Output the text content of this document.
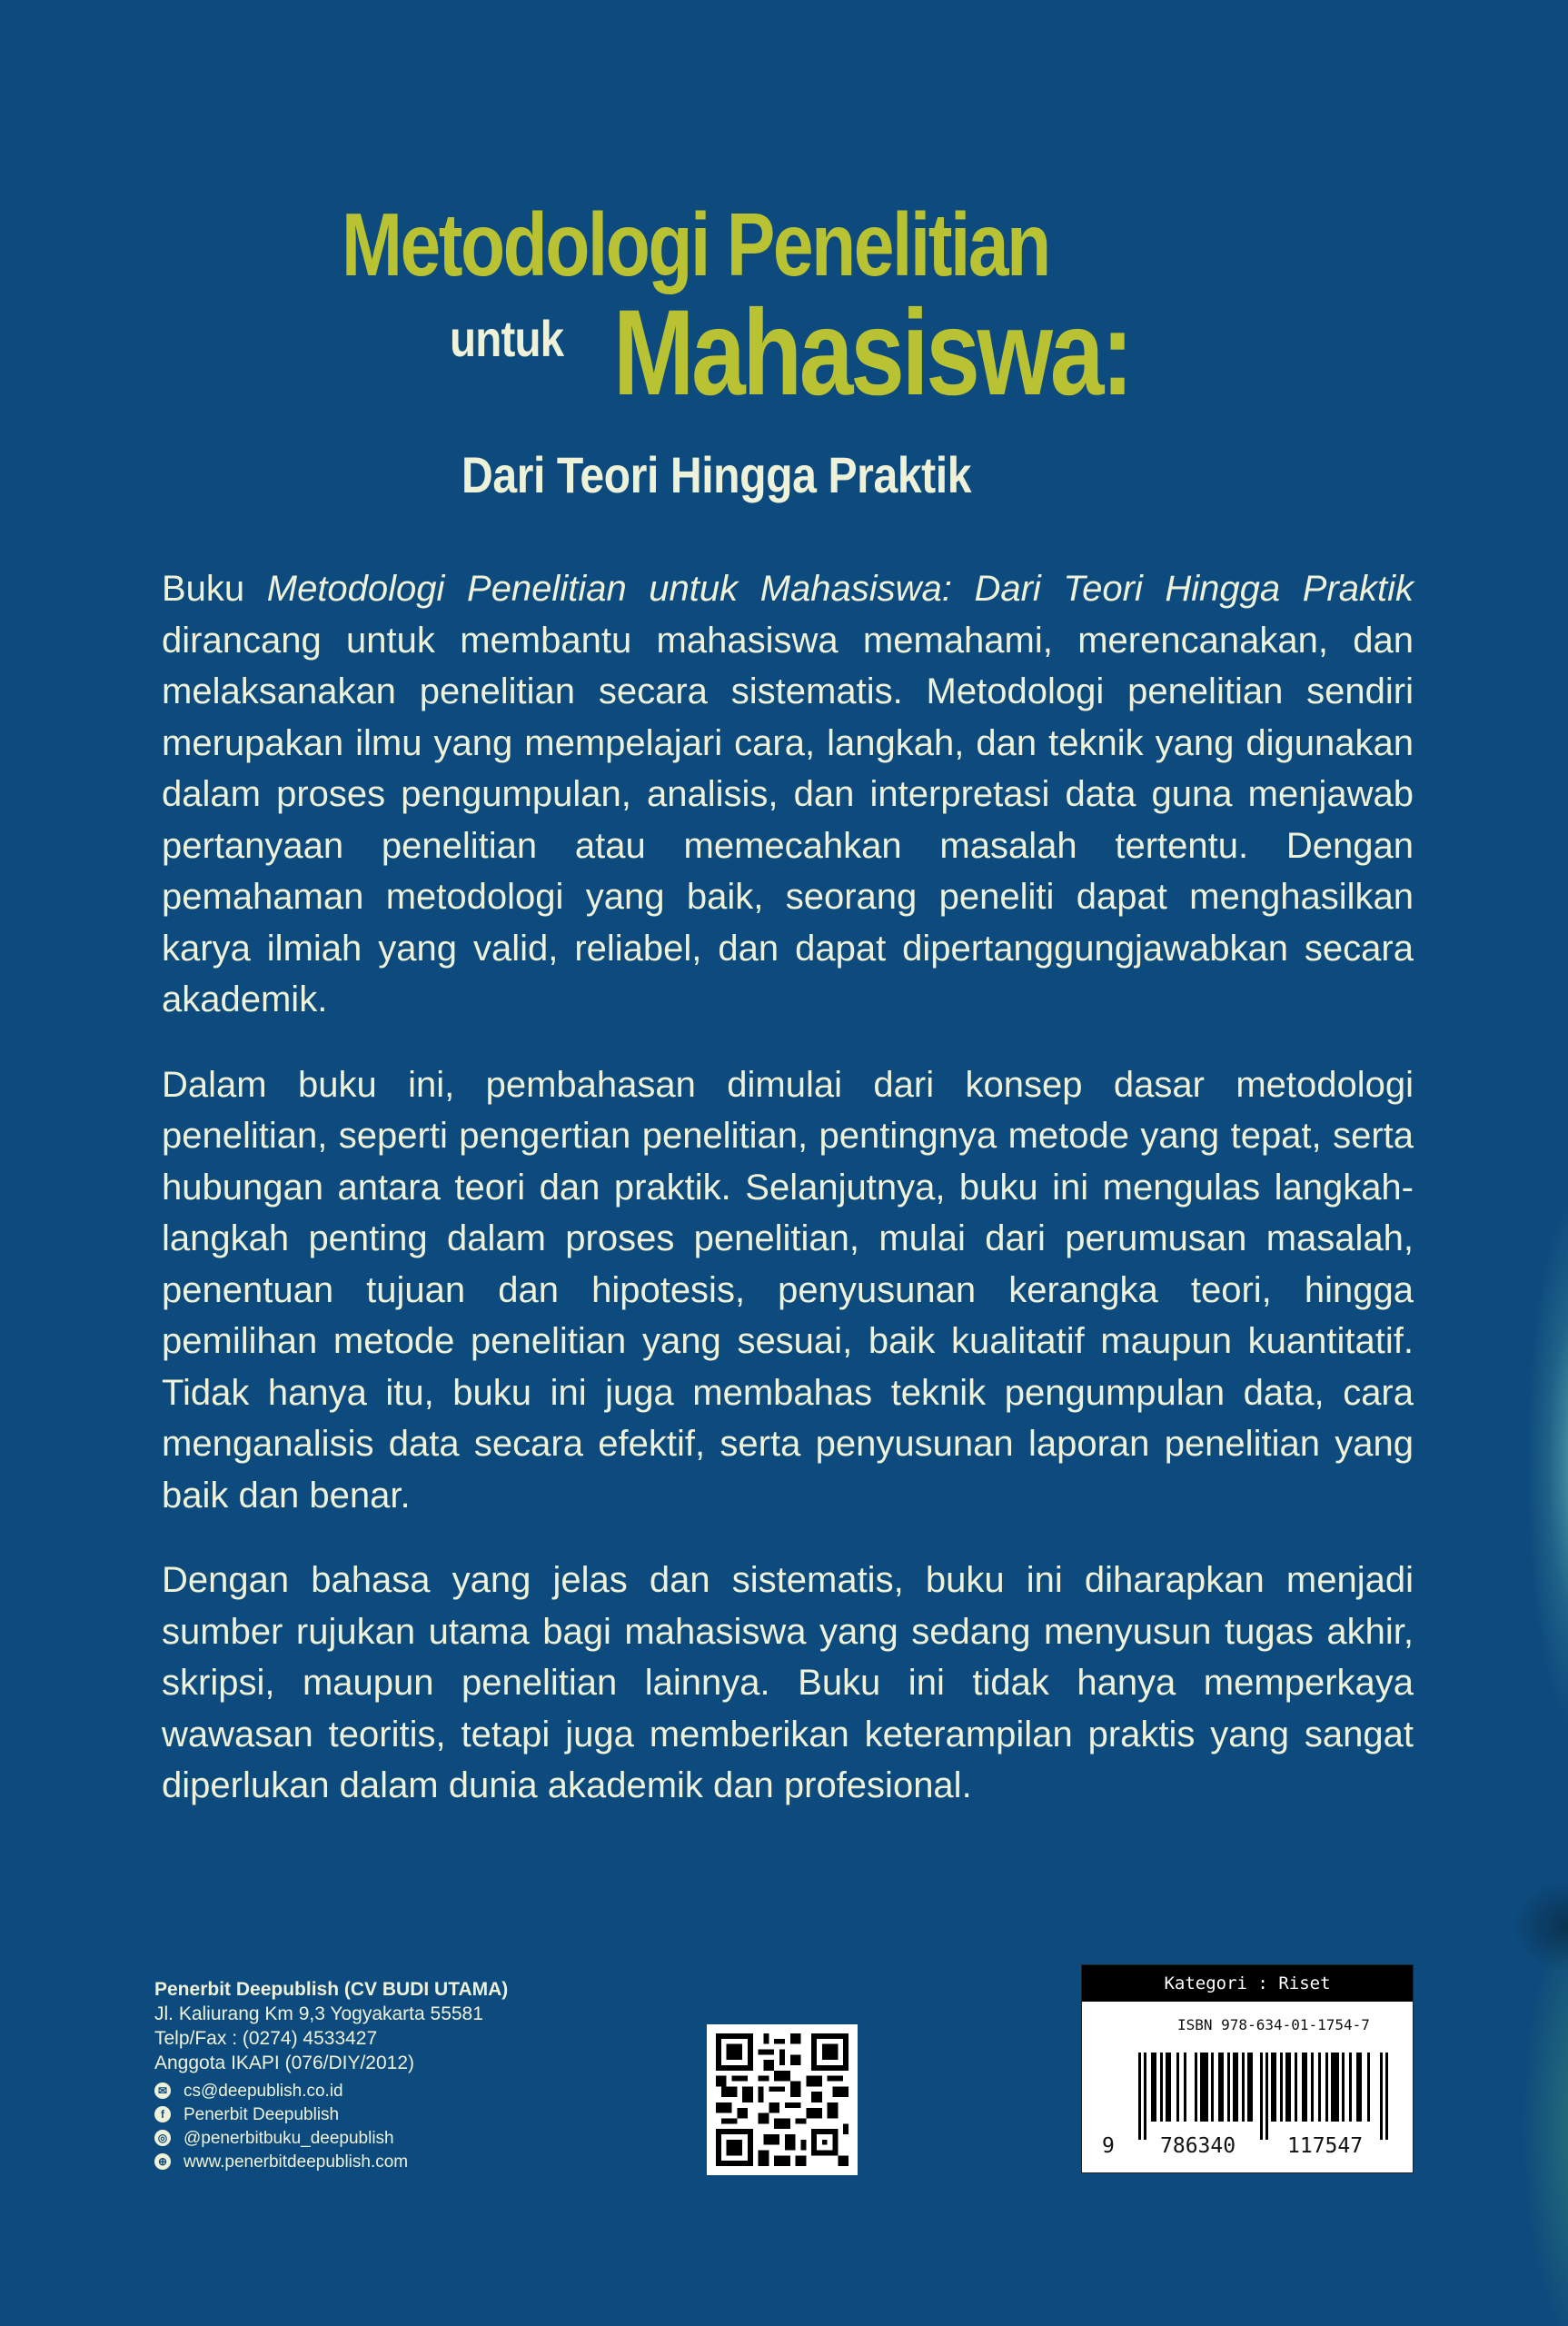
Metodologi Penelitian
untuk Mahasiswa:
Dari Teori Hingga Praktik

Buku Metodologi Penelitian untuk Mahasiswa: Dari Teori Hingga Praktik dirancang untuk membantu mahasiswa memahami, merencanakan, dan melaksanakan penelitian secara sistematis. Metodologi penelitian sendiri merupakan ilmu yang mempelajari cara, langkah, dan teknik yang digunakan dalam proses pengumpulan, analisis, dan interpretasi data guna menjawab pertanyaan penelitian atau memecahkan masalah tertentu. Dengan pemahaman metodologi yang baik, seorang peneliti dapat menghasilkan karya ilmiah yang valid, reliabel, dan dapat dipertanggungjawabkan secara akademik.

Dalam buku ini, pembahasan dimulai dari konsep dasar metodologi penelitian, seperti pengertian penelitian, pentingnya metode yang tepat, serta hubungan antara teori dan praktik. Selanjutnya, buku ini mengulas langkah-langkah penting dalam proses penelitian, mulai dari perumusan masalah, penentuan tujuan dan hipotesis, penyusunan kerangka teori, hingga pemilihan metode penelitian yang sesuai, baik kualitatif maupun kuantitatif. Tidak hanya itu, buku ini juga membahas teknik pengumpulan data, cara menganalisis data secara efektif, serta penyusunan laporan penelitian yang baik dan benar.

Dengan bahasa yang jelas dan sistematis, buku ini diharapkan menjadi sumber rujukan utama bagi mahasiswa yang sedang menyusun tugas akhir, skripsi, maupun penelitian lainnya. Buku ini tidak hanya memperkaya wawasan teoritis, tetapi juga memberikan keterampilan praktis yang sangat diperlukan dalam dunia akademik dan profesional.

Penerbit Deepublish (CV BUDI UTAMA)
Jl. Kaliurang Km 9,3 Yogyakarta 55581
Telp/Fax : (0274) 4533427
Anggota IKAPI (076/DIY/2012)
✉ cs@deepublish.co.id
f	Penerbit Deepublish
◎ @penerbitbuku_deepublish
⊕ www.penerbitdeepublish.com
Kategori : Riset
ISBN 978-634-01-1754-7
9 786340 117547
